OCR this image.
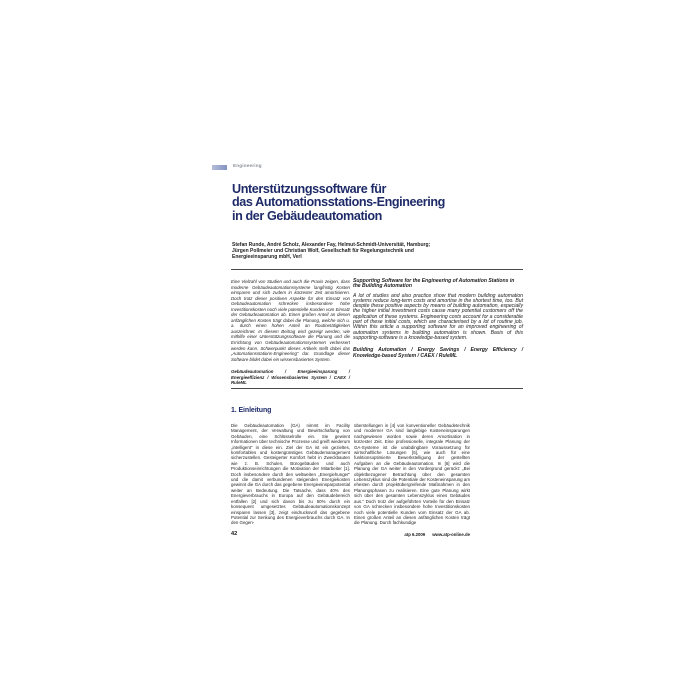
Engineering
Unterstützungssoftware für
das Automationsstations-Engineering
in der Gebäudeautomation
Stefan Runde, André Scholz, Alexander Fay, Helmut-Schmidt-Universität, Hamburg;
Jürgen Pollmeier und Christian Wolf, Gesellschaft für Regelungstechnik und
Energieeinsparung mbH, Verl

Eine Vielzahl von Studien und auch die Praxis zeigen, dass moderne Gebäudeautomationssysteme langfristig Kosten einsparen und sich zudem in kürzester Zeit amortisieren. Doch trotz dieser positiven Aspekte für den Einsatz von Gebäudeautomation schrecken insbesondere hohe Investitionskosten noch viele potentielle Kunden vom Einsatz der Gebäudeautomation ab. Einen großen Anteil an diesen anfänglichen Kosten trägt dabei die Planung, welche sich u. a. durch einen hohen Anteil an Routinetätigkeiten auszeichnet. In diesem Beitrag wird gezeigt werden, wie mithilfe einer Unterstützungssoftware die Planung und die Errichtung von Gebäudeautomationssystemen verbessert werden kann. Schwerpunkt dieses Artikels stellt dabei das „Automationsstations-Engineering“ dar. Grundlage dieser Software bildet dabei ein wissensbasiertes System.

Gebäudeautomation / Energieeinsparung / Energieeffizienz / Wissensbasiertes System / CAEX / RuleML

Supporting Software for the Engineering of Automation Stations in the Building Automation

A lot of studies and also practice show that modern building automation systems reduce long-term costs and amortise in the shortest time, too. But despite these positive aspects by means of building automation, especially the higher initial investment costs cause many potential customers off the application of these systems. Engineering costs account for a considerable part of these initial costs, which are characterised by a lot of routine job. Within this article a supporting software for an improved engineering of automation systems in building automation is shown. Basis of this supporting-software is a knowledge-based system.

Building Automation / Energy Savings / Energy Efficiency / Knowledge-based System / CAEX / RuleML

1. Einleitung

Die Gebäudeautomation (GA) nimmt im Facility Management, der Verwaltung und Bewirtschaftung von Gebäuden, eine Schlüsselrolle ein. Sie gewinnt Informationen über technische Prozesse und greift wiederum „intelligent“ in diese ein. Ziel der GA ist ein gezieltes, komfortables und kostengünstiges Gebäudemanagement sicherzustellen. Gesteigerter Komfort hebt in Zweckbauten wie z. B. Schulen, Bürogebäuden und auch Produktionseinrichtungen die Motivation der Mitarbeiter [1]. Doch insbesondere durch den weltweiten „Energiehunger“ und die damit verbundenen steigenden Energiekosten gewinnt die GA durch das gegebene Energieeinsparpotential weiter an Bedeutung. Die Tatsache, dass 40% des Energieverbrauchs in Europa auf den Gebäudebereich entfallen [2] und sich davon bis zu 50% durch ein konsequent umgesetztes Gebäudeautomationskonzept einsparen lassen [3], zeigt eindrucksvoll das gegebene Potential zur Senkung des Energieverbrauchs durch GA. In den Gegen-

überstellungen in [4] von konventioneller Gebäudetechnik und moderner GA sind langlebige Kosteneinsparungen nachgewiesen worden sowie deren Amortisation in kürzester Zeit. Eine professionelle, integrale Planung der GA-Systeme ist die unabdingbare Voraussetzung für wirtschaftliche Lösungen [5], wie auch für eine funktionsoptimierte Bewerkstelligung der gestellten Aufgaben an die Gebäudeautomation. In [6] wird die Planung der GA weiter in den Vordergrund gerückt: „Bei objektbezogener Betrachtung über den gesamten Lebenszyklus sind die Potentiale der Kosteneinsparung am ehesten durch projektübergreifende Maßnahmen in den Planungsphasen zu realisieren. Eine gute Planung wirkt sich über den gesamten Lebenszyklus eines Gebäudes aus.“ Doch trotz der aufgeführten Vorteile für den Einsatz von GA schrecken insbesondere hohe Investitionskosten noch viele potentielle Kunden vom Einsatz der GA ab. Einen großen Anteil an diesen anfänglichen Kosten trägt die Planung. Durch fachkundige

42	atp 6.2009 www.atp-online.de
